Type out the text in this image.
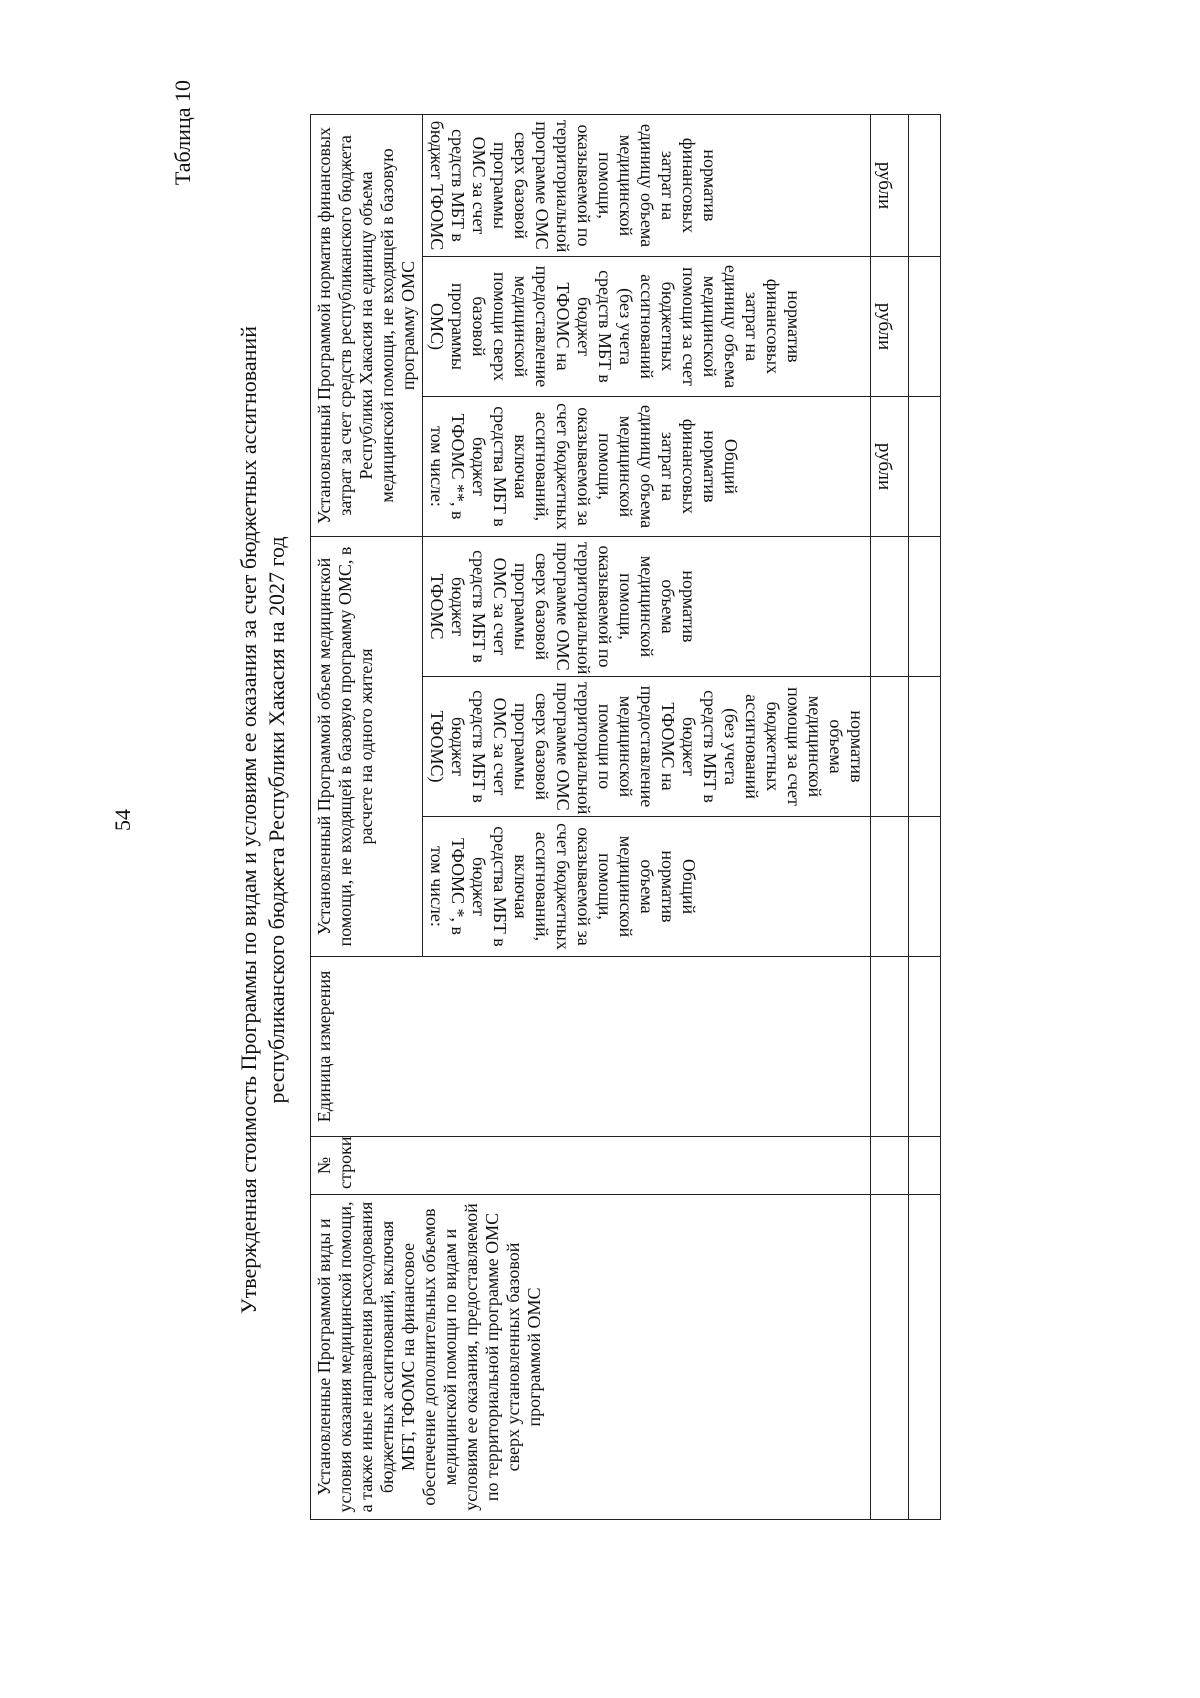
54
Таблица 10
Утвержденная стоимость Программы по видам и условиям ее оказания за счет бюджетных ассигнований республиканского бюджета Республики Хакасия на 2027 год
Установленные Программой виды и условия оказания медицинской помощи, а также иные направления расходования бюджетных ассигнований, включая МБТ, ТФОМС на финансовое обеспечение дополнительных объемов медицинской помощи по видам и условиям ее оказания, предоставляемой по территориальной программе ОМС сверх установленных базовой программой ОМС	№ строки	Единица измерения	Установленный Программой объем медицинской помощи, не входящей в базовую программу ОМС, в расчете на одного жителя			Установленный Программой норматив финансовых затрат за счет средств республиканского бюджета Республики Хакасия на единицу объема медицинской помощи, не входящей в базовую программу ОМС		

			Общий норматив объема медицинской помощи, оказываемой за счет бюджетных ассигнований, включая средства МБТ в бюджет ТФОМС *, в том числе:	норматив объема медицинской помощи за счет бюджетных ассигнований (без учета средств МБТ в бюджет ТФОМС на предоставление медицинской помощи по территориальной программе ОМС сверх базовой программы ОМС за счет средств МБТ в бюджет ТФОМС)	норматив объема медицинской помощи, оказываемой по территориальной программе ОМС сверх базовой программы ОМС за счет средств МБТ в бюджет ТФОМС	Общий норматив финансовых затрат на единицу объема медицинской помощи, оказываемой за счет бюджетных ассигнований, включая средства МБТ в бюджет ТФОМС **, в том числе:	норматив финансовых затрат на единицу объема медицинской помощи за счет бюджетных ассигнований (без учета средств МБТ в бюджет ТФОМС на предоставление медицинской помощи сверх базовой программы ОМС)	норматив финансовых затрат на единицу объема медицинской помощи, оказываемой по территориальной программе ОМС сверх базовой программы ОМС за счет средств МБТ в бюджет ТФОМС

						рубли	рубли	рубли
